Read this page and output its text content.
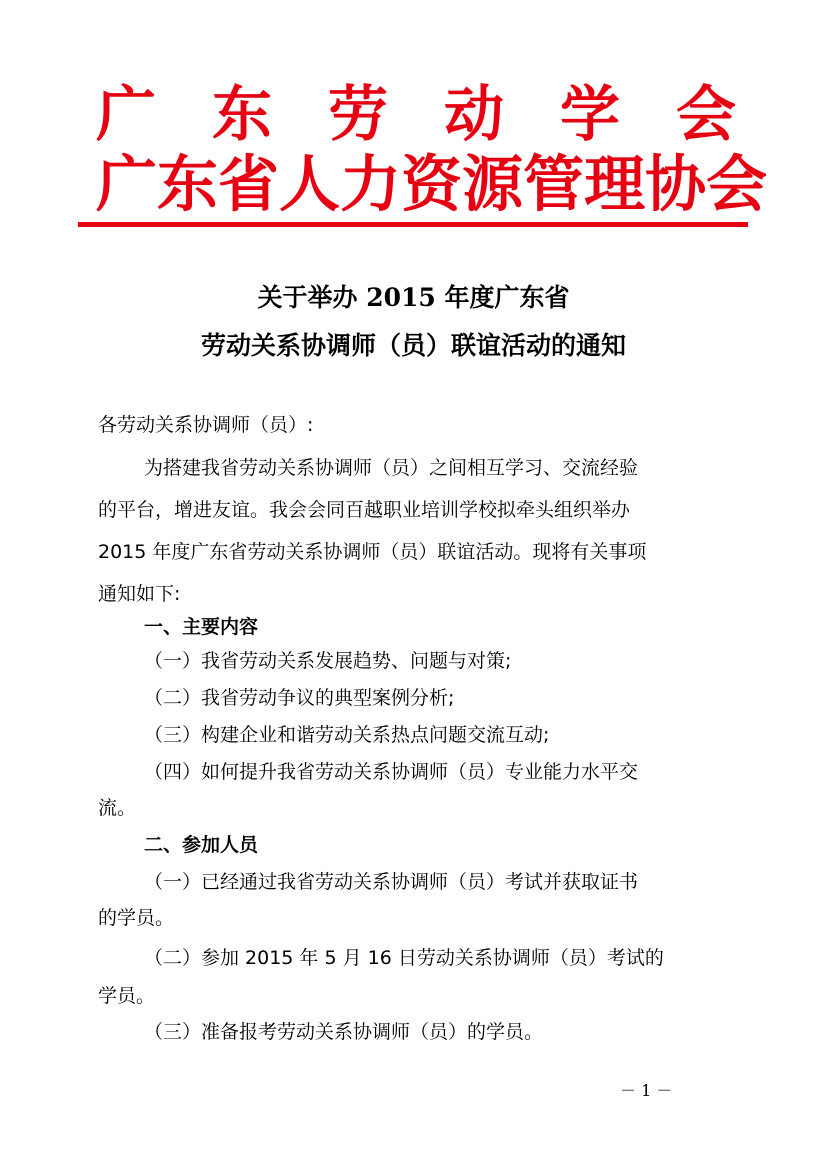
广 东 劳 动 学 会
广 东 省 人 力 资 源 管 理 协 会
关于举办 2015 年度广东省
劳动关系协调师（员）联谊活动的通知
各劳动关系协调师（员）:
为搭建我省劳动关系协调师（员）之间相互学习、交流经验
的平台，增进友谊。我会会同百越职业培训学校拟牵头组织举办
2015 年度广东省劳动关系协调师（员）联谊活动。现将有关事项
通知如下:
一、主要内容
（一）我省劳动关系发展趋势、问题与对策;
（二）我省劳动争议的典型案例分析;
（三）构建企业和谐劳动关系热点问题交流互动;
（四）如何提升我省劳动关系协调师（员）专业能力水平交
流。
二、参加人员
（一）已经通过我省劳动关系协调师（员）考试并获取证书
的学员。
（二）参加 2015 年 5 月 16 日劳动关系协调师（员）考试的
学员。
（三）准备报考劳动关系协调师（员）的学员。
－ 1 －
